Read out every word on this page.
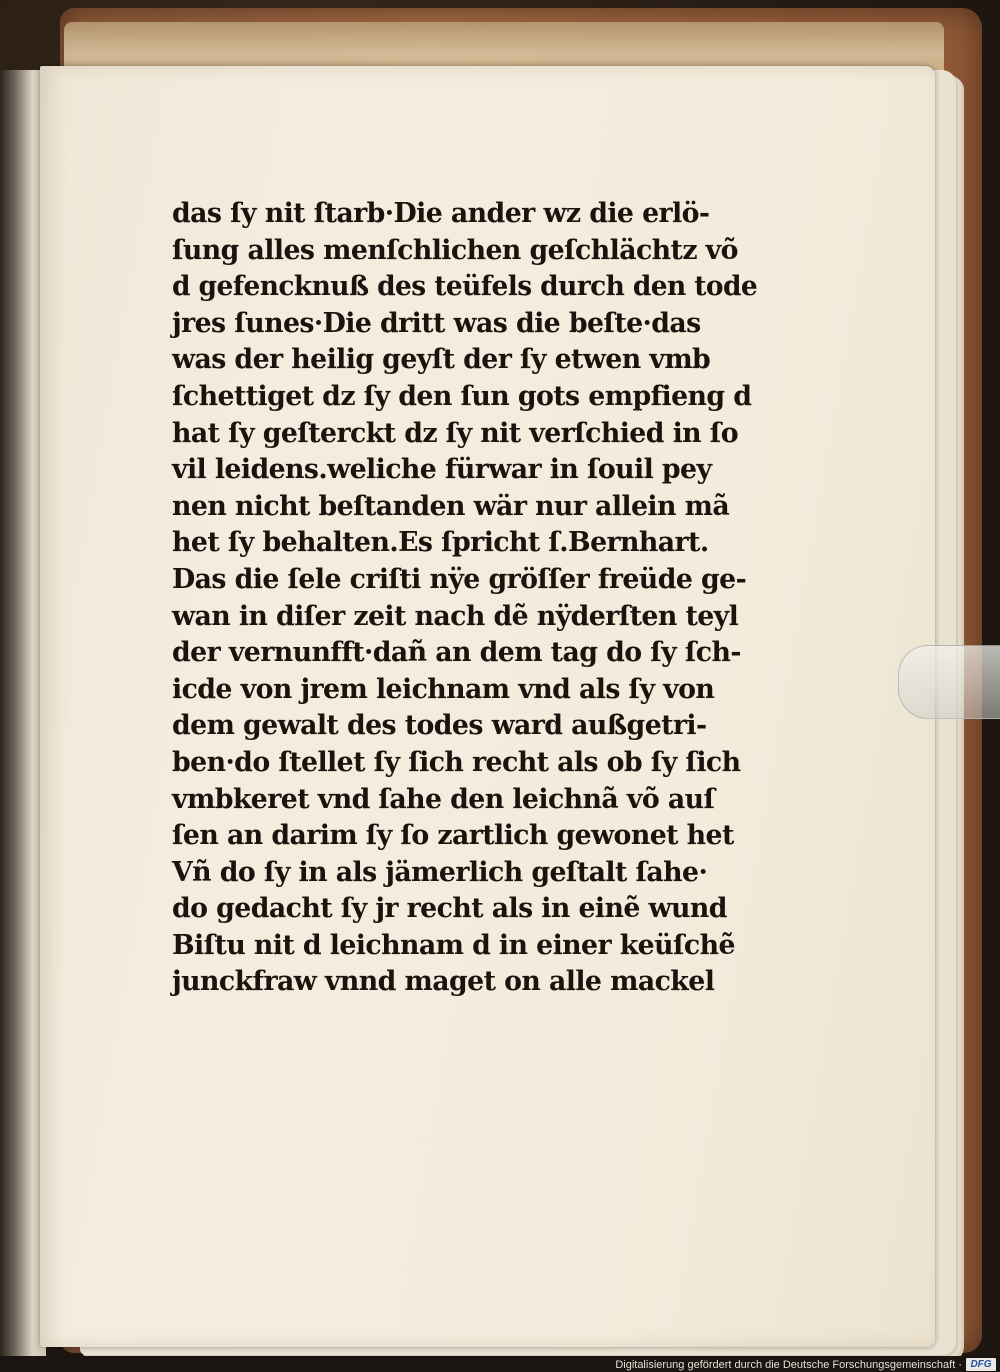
das ſy nit ſtarb·Die ander wz die erlö-
ſung alles menſchlichen geſchlächtz võ
d gefencknuß des teüfels durch den tode
jres ſunes·Die dritt was die beſte·das
was der heilig geyſt der ſy etwen vmb
ſchettiget dz ſy den ſun gots empfieng d
hat ſy geſterckt dz ſy nit verſchied in ſo
vil leidens.weliche fürwar in ſouil pey
nen nicht beſtanden wär nur allein mã
het ſy behalten.Es ſpricht ſ.Bernhart.
Das die ſele criſti nÿe gröſſer freüde ge-
wan in diſer zeit nach dẽ nÿderſten teyl
der vernunfft·dañ an dem tag do ſy ſch-
icde von jrem leichnam vnd als ſy von
dem gewalt des todes ward außgetri-
ben·do ſtellet ſy ſich recht als ob ſy ſich
vmbkeret vnd ſahe den leichnã võ auſ
ſen an darim ſy ſo zartlich gewonet het
Vñ do ſy in als jämerlich geſtalt ſahe·
do gedacht ſy jr recht als in einẽ wund
Biſtu nit d leichnam d in einer keüſchẽ
junckfraw vnnd maget on alle mackel
Digitalisierung gefördert durch die Deutsche Forschungsgemeinschaft · DFG
